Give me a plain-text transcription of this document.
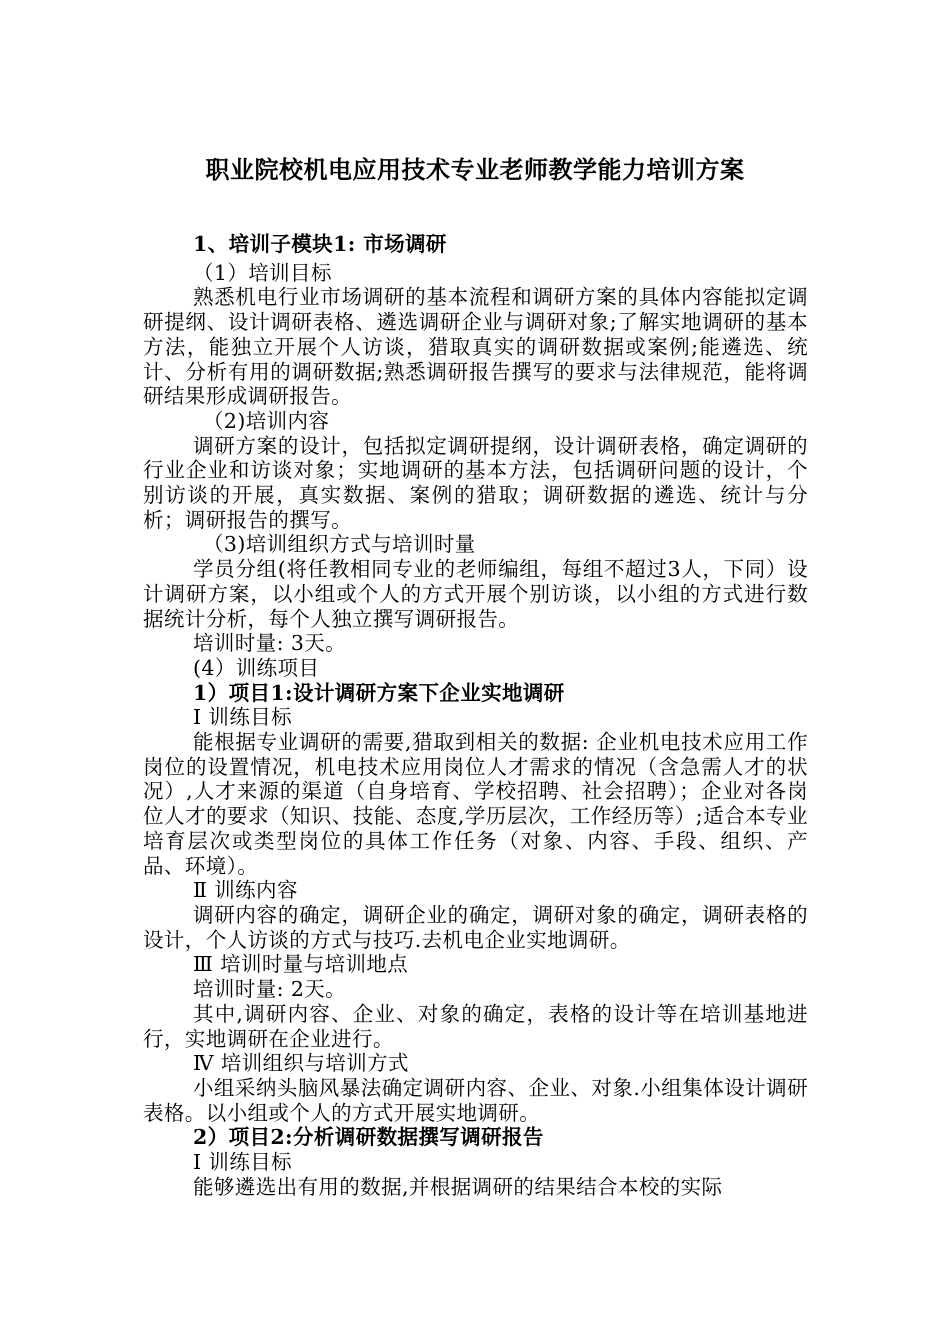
职业院校机电应用技术专业老师教学能力培训方案

1、培训子模块1: 市场调研

（1）培训目标

熟悉机电行业市场调研的基本流程和调研方案的具体内容能拟定调研提纲、设计调研表格、遴选调研企业与调研对象;了解实地调研的基本方法，能独立开展个人访谈，猎取真实的调研数据或案例;能遴选、统计、分析有用的调研数据;熟悉调研报告撰写的要求与法律规范，能将调研结果形成调研报告。

（2)培训内容

调研方案的设计，包括拟定调研提纲，设计调研表格，确定调研的行业企业和访谈对象；实地调研的基本方法，包括调研问题的设计，个别访谈的开展，真实数据、案例的猎取；调研数据的遴选、统计与分析；调研报告的撰写。

（3)培训组织方式与培训时量

学员分组(将任教相同专业的老师编组，每组不超过3人，下同）设计调研方案，以小组或个人的方式开展个别访谈，以小组的方式进行数据统计分析，每个人独立撰写调研报告。

培训时量: 3天。

(4）训练项目

1）项目1:设计调研方案下企业实地调研

Ⅰ 训练目标

能根据专业调研的需要,猎取到相关的数据: 企业机电技术应用工作岗位的设置情况，机电技术应用岗位人才需求的情况（含急需人才的状况）,人才来源的渠道（自身培育、学校招聘、社会招聘）；企业对各岗位人才的要求（知识、技能、态度,学历层次，工作经历等）;适合本专业培育层次或类型岗位的具体工作任务（对象、内容、手段、组织、产品、环境）。

Ⅱ 训练内容

调研内容的确定，调研企业的确定，调研对象的确定，调研表格的设计，个人访谈的方式与技巧.去机电企业实地调研。

Ⅲ 培训时量与培训地点

培训时量: 2天。

其中,调研内容、企业、对象的确定，表格的设计等在培训基地进行，实地调研在企业进行。

Ⅳ 培训组织与培训方式

小组采纳头脑风暴法确定调研内容、企业、对象.小组集体设计调研表格。以小组或个人的方式开展实地调研。

2）项目2:分析调研数据撰写调研报告

Ⅰ 训练目标

能够遴选出有用的数据,并根据调研的结果结合本校的实际
